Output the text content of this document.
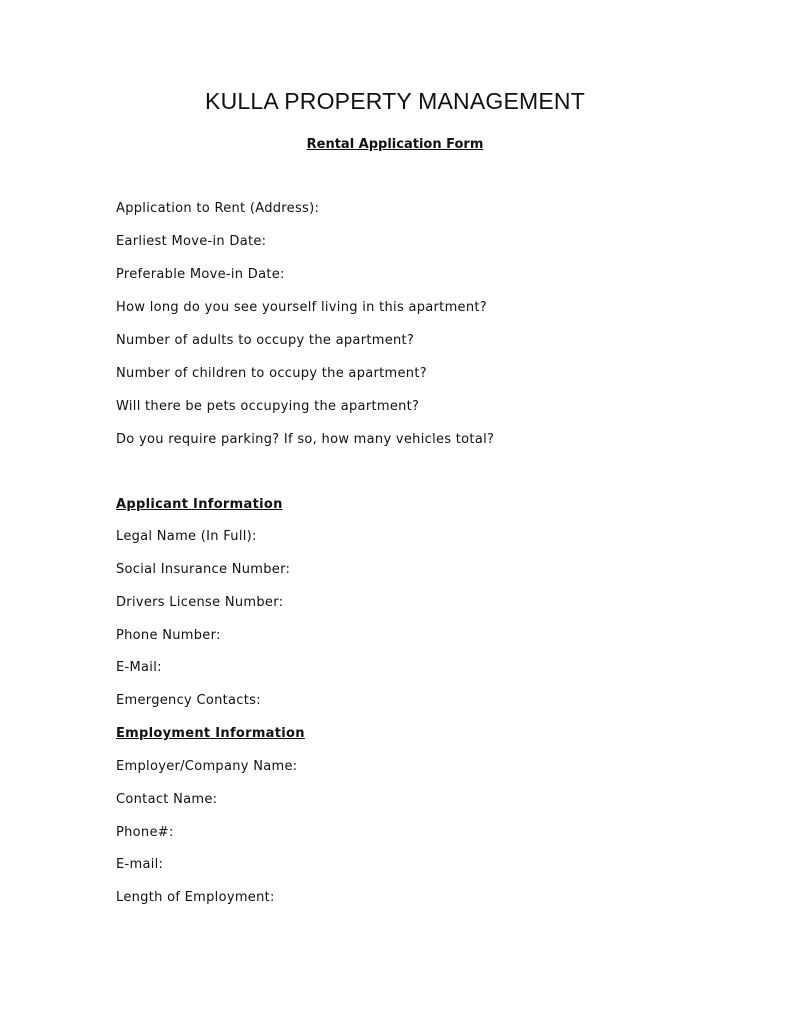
KULLA PROPERTY MANAGEMENT
Rental Application Form

Application to Rent (Address):

Earliest Move-in Date:

Preferable Move-in Date:

How long do you see yourself living in this apartment?

Number of adults to occupy the apartment?

Number of children to occupy the apartment?

Will there be pets occupying the apartment?

Do you require parking? If so, how many vehicles total?

Applicant Information

Legal Name (In Full):

Social Insurance Number:

Drivers License Number:

Phone Number:

E-Mail:

Emergency Contacts:

Employment Information

Employer/Company Name:

Contact Name:

Phone#:

E-mail:

Length of Employment:
